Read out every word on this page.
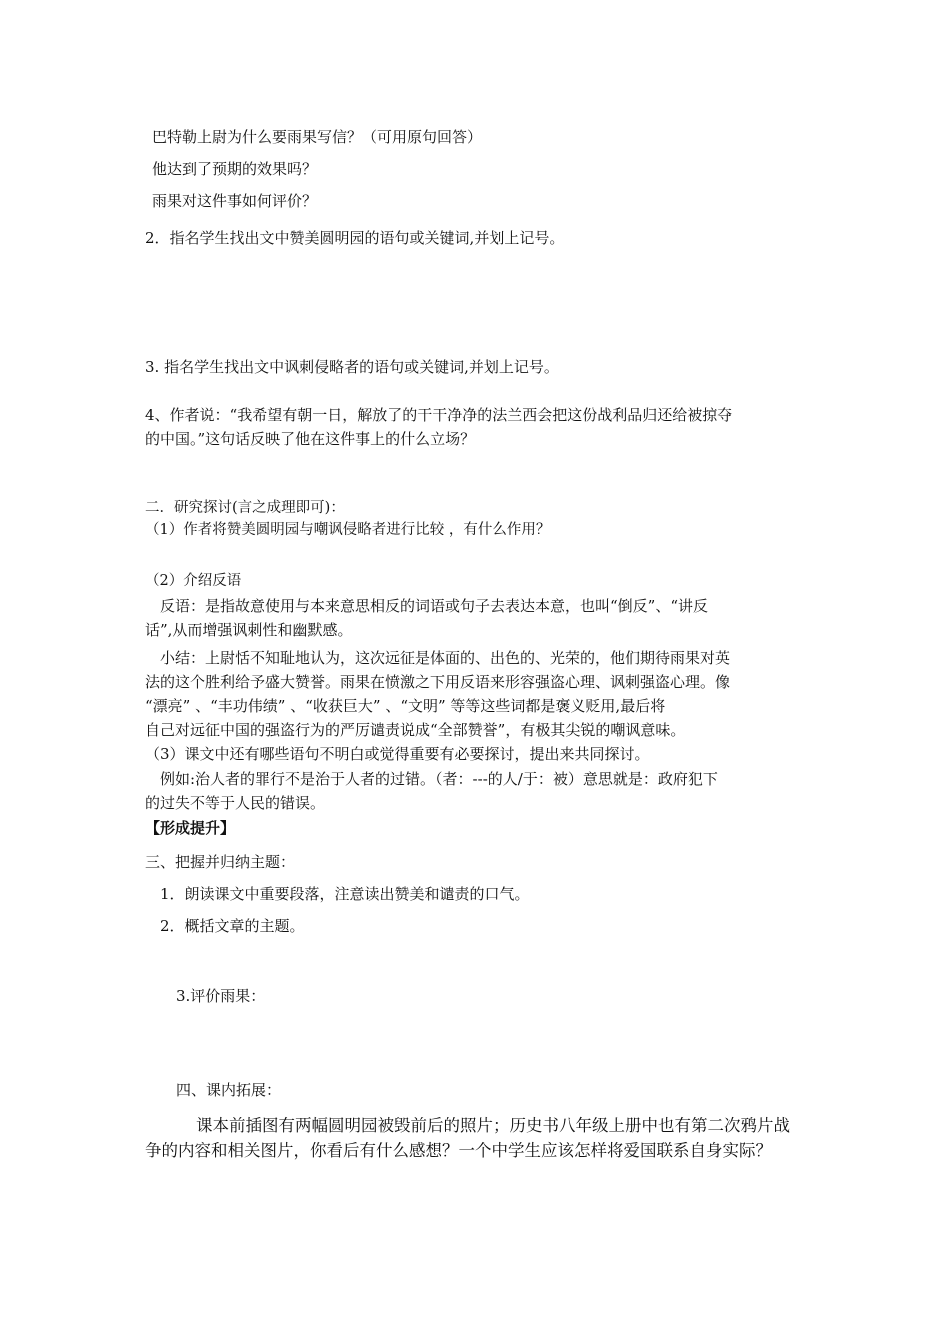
巴特勒上尉为什么要雨果写信？（可用原句回答）
他达到了预期的效果吗？
雨果对这件事如何评价？
2．指名学生找出文中赞美圆明园的语句或关键词,并划上记号。
3. 指名学生找出文中讽刺侵略者的语句或关键词,并划上记号。
4、作者说：“我希望有朝一日，解放了的干干净净的法兰西会把这份战利品归还给被掠夺
的中国。”这句话反映了他在这件事上的什么立场？
二．研究探讨(言之成理即可)：
（1）作者将赞美圆明园与嘲讽侵略者进行比较 ，有什么作用？
（2）介绍反语
反语：是指故意使用与本来意思相反的词语或句子去表达本意，也叫“倒反”、“讲反
话”,从而增强讽刺性和幽默感。
小结：上尉恬不知耻地认为，这次远征是体面的、出色的、光荣的，他们期待雨果对英
法的这个胜利给予盛大赞誉。雨果在愤激之下用反语来形容强盗心理、讽刺强盗心理。像
“漂亮” 、“丰功伟绩” 、“收获巨大” 、“文明” 等等这些词都是褒义贬用,最后将
自己对远征中国的强盗行为的严厉谴责说成“全部赞誉”，有极其尖锐的嘲讽意味。
（3）课文中还有哪些语句不明白或觉得重要有必要探讨，提出来共同探讨。
例如:治人者的罪行不是治于人者的过错。（者：---的人/于：被）意思就是：政府犯下
的过失不等于人民的错误。
【形成提升】
三、把握并归纳主题：
1．朗读课文中重要段落，注意读出赞美和谴责的口气。
2．概括文章的主题。
3.评价雨果：
四、课内拓展：
课本前插图有两幅圆明园被毁前后的照片；历史书八年级上册中也有第二次鸦片战
争的内容和相关图片，你看后有什么感想？一个中学生应该怎样将爱国联系自身实际？
